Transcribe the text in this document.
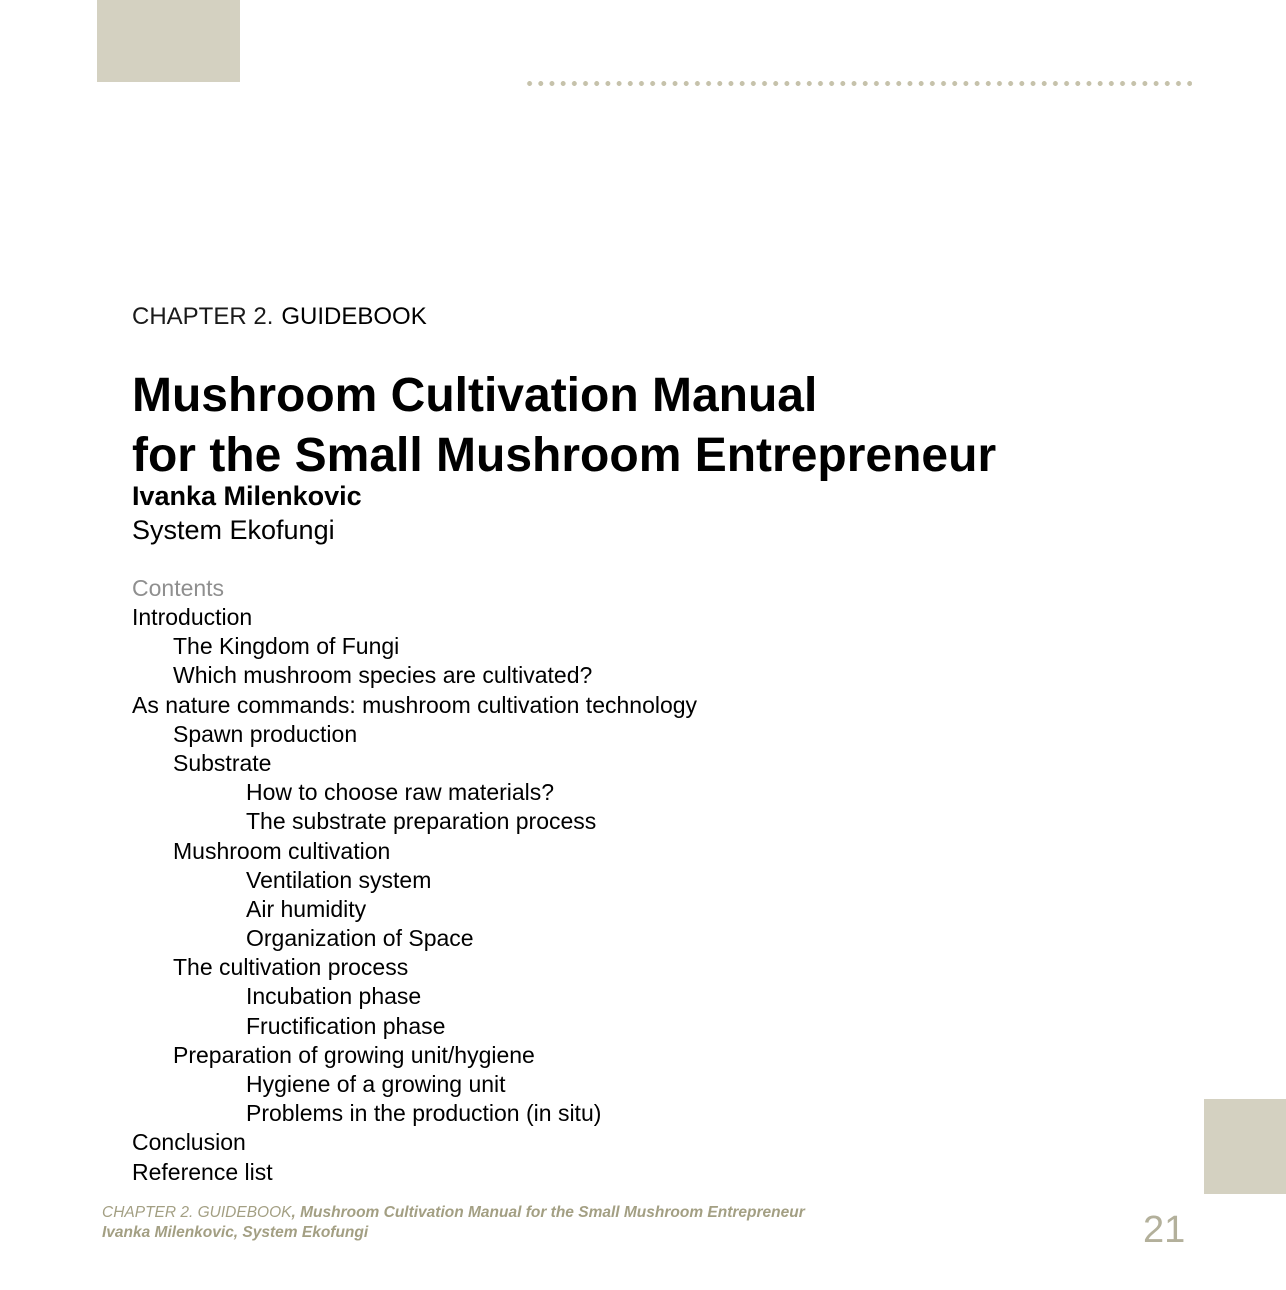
CHAPTER 2. GUIDEBOOK
Mushroom Cultivation Manual
for the Small Mushroom Entrepreneur
Ivanka Milenkovic
System Ekofungi
Contents
Introduction
The Kingdom of Fungi
Which mushroom species are cultivated?
As nature commands: mushroom cultivation technology
Spawn production
Substrate
How to choose raw materials?
The substrate preparation process
Mushroom cultivation
Ventilation system
Air humidity
Organization of Space
The cultivation process
Incubation phase
Fructification phase
Preparation of growing unit/hygiene
Hygiene of a growing unit
Problems in the production (in situ)
Conclusion
Reference list
CHAPTER 2. GUIDEBOOK, Mushroom Cultivation Manual for the Small Mushroom Entrepreneur
Ivanka Milenkovic, System Ekofungi	21
